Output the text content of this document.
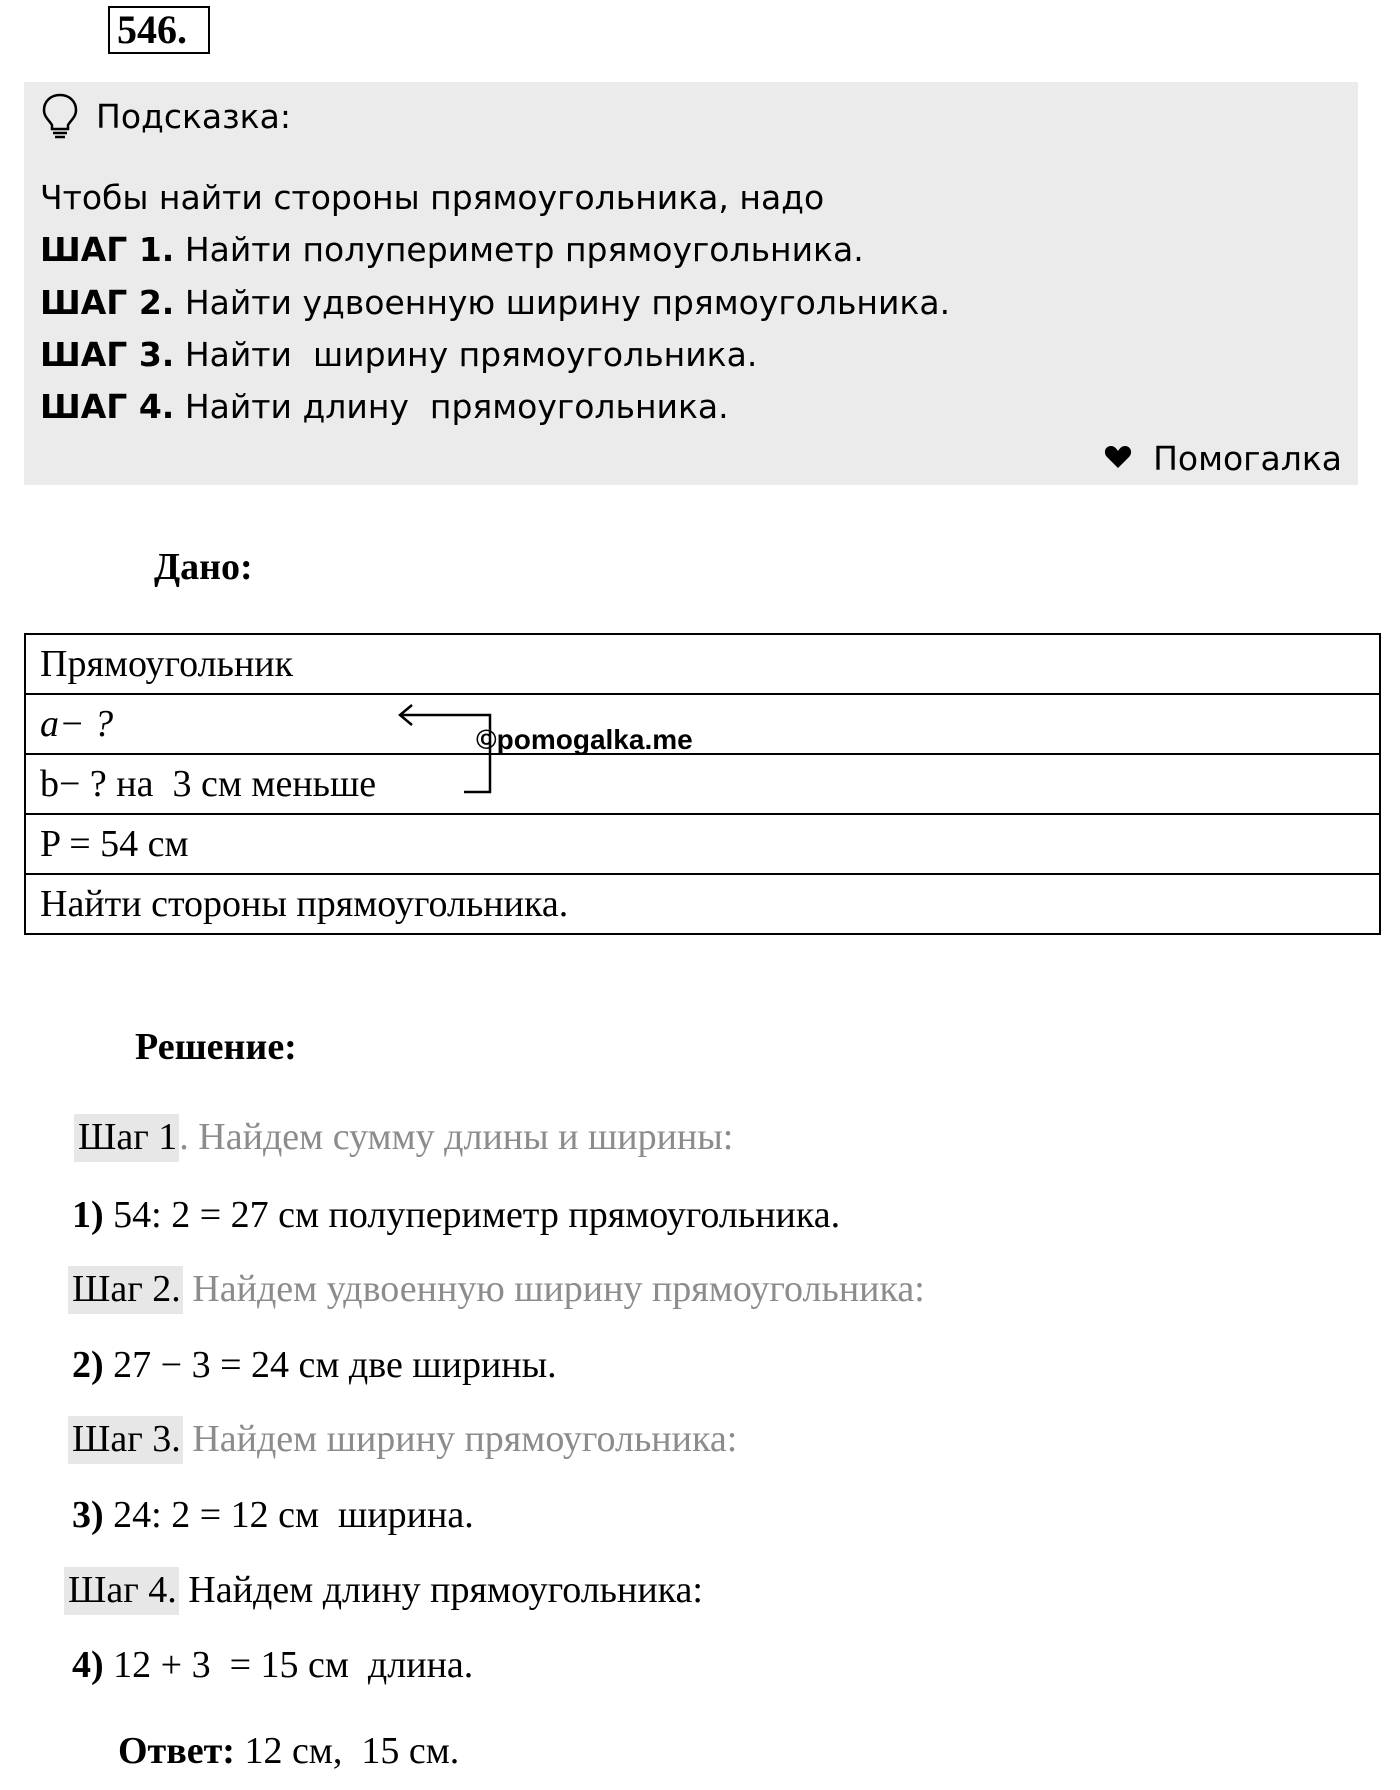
546.
Подсказка:
Чтобы найти стороны прямоугольника, надо
ШАГ 1. Найти полупериметр прямоугольника.
ШАГ 2. Найти удвоенную ширину прямоугольника.
ШАГ 3. Найти  ширину прямоугольника.
ШАГ 4. Найти длину  прямоугольника.
Помогалка
Дано:
Прямоугольник
a− ?
b− ? на  3 см меньше
P = 54 см
Найти стороны прямоугольника.
©pomogalka.me
Решение:
Шаг 1. Найдем сумму длины и ширины:
1) 54: 2 = 27 см полупериметр прямоугольника.
Шаг 2. Найдем удвоенную ширину прямоугольника:
2) 27 − 3 = 24 см две ширины.
Шаг 3. Найдем ширину прямоугольника:
3) 24: 2 = 12 см  ширина.
Шаг 4. Найдем длину прямоугольника:
4) 12 + 3  = 15 см  длина.
Ответ: 12 см,  15 см.
